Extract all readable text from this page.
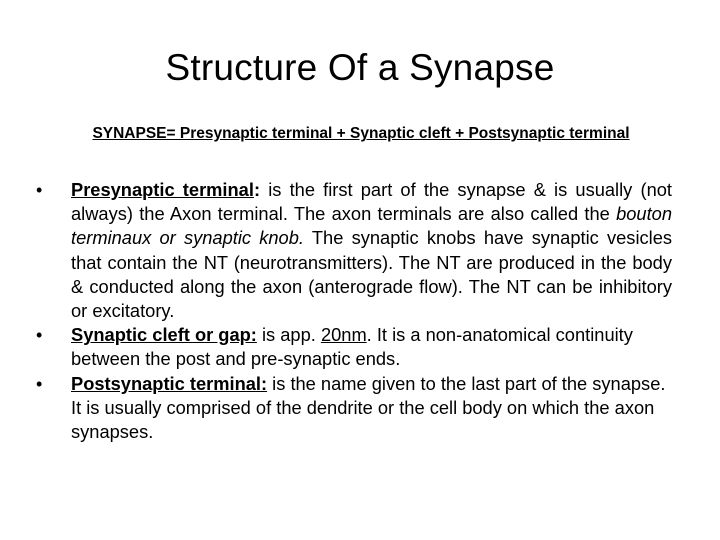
Structure Of a Synapse

SYNAPSE= Presynaptic terminal + Synaptic cleft + Postsynaptic terminal

•	Presynaptic terminal: is the first part of the synapse & is usually (not always) the Axon terminal. The axon terminals are also called the bouton terminaux or synaptic knob. The synaptic knobs have synaptic vesicles that contain the NT (neurotransmitters). The NT are produced in the body & conducted along the axon (anterograde flow). The NT can be inhibitory or excitatory.
•	Synaptic cleft or gap: is app. 20nm. It is a non-anatomical continuity between the post and pre-synaptic ends.
•	Postsynaptic terminal: is the name given to the last part of the synapse. It is usually comprised of the dendrite or the cell body on which the axon synapses.
